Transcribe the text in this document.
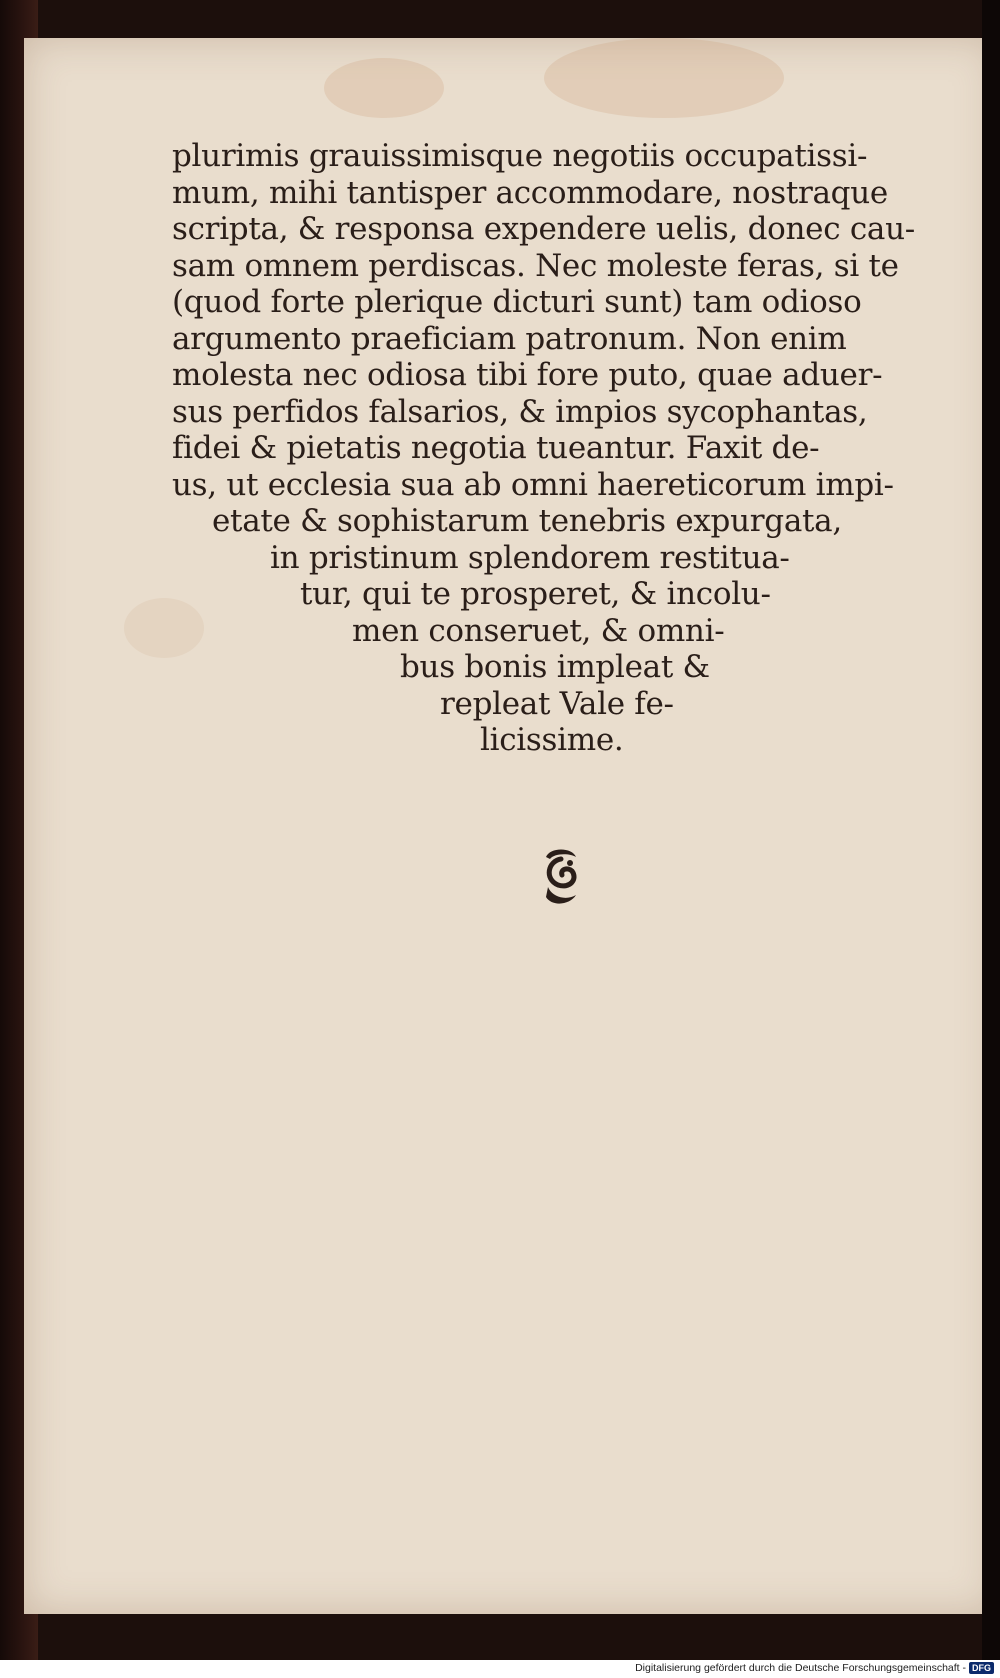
plurimis grauissimisque negotiis occupatissi-
mum, mihi tantisper accommodare, nostraque
scripta, & responsa expendere uelis, donec cau-
sam omnem perdiscas. Nec moleste feras, si te
(quod forte plerique dicturi sunt) tam odioso
argumento praeficiam patronum. Non enim
molesta nec odiosa tibi fore puto, quae aduer-
sus perfidos falsarios, & impios sycophantas,
fidei & pietatis negotia tueantur. Faxit de-
us, ut ecclesia sua ab omni haereticorum impi-
etate & sophistarum tenebris expurgata,
in pristinum splendorem restitua-
tur, qui te prosperet, & incolu-
men conseruet, & omni-
bus bonis impleat &
repleat Vale fe-
licissime.
Digitalisierung gefördert durch die Deutsche Forschungsgemeinschaft - DFG
